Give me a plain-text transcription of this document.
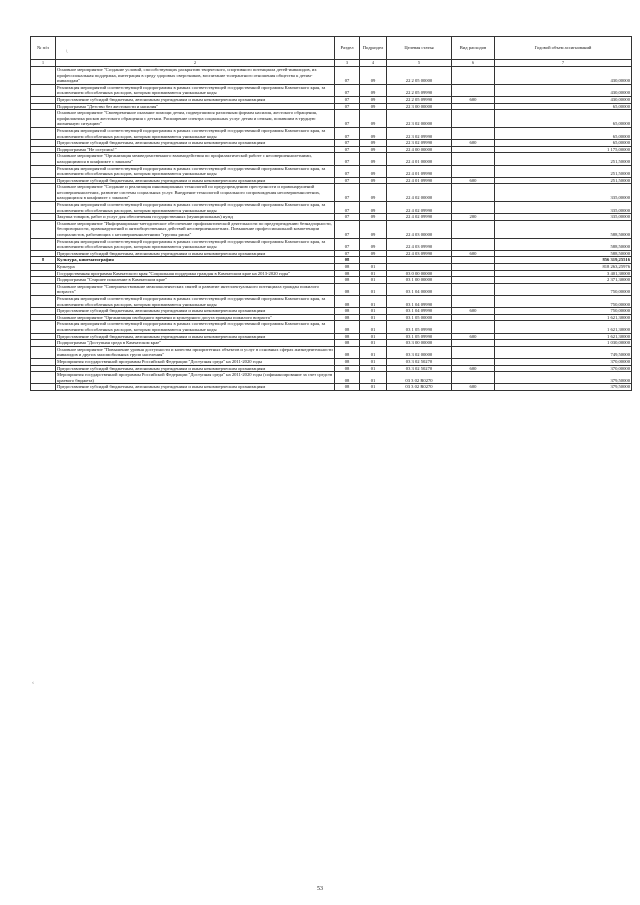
\
№ п/п		Раздел	Подраздел	Целевая статья	Вид расходов	Годовой объем ассигнований
1	2	3	4	5	6	7
	Основное мероприятие "Создание условий, способствующих раскрытию творческого, спортивного потенциала детей-инвалидов, их профессиональная поддержка, интеграция в среду здоровых сверстников, воспитание толерантного отношения общества к детям-инвалидам"	07	09	22 2 05 00000		430,00000
	Реализация мероприятий соответствующей подпрограммы в рамках соответствующей государственной программы Камчатского края, за исключением обособленных расходов, которым присваиваются уникальные коды	07	09	22 2 05 09990		430,00000
	Предоставление субсидий бюджетным, автономным учреждениям и иным некоммерческим организациям	07	09	22 2 05 09990	600	430,00000
	Подпрограмма "Детство без жестокости и насилия"	07	09	22 3 00 00000		65,00000
	Основное мероприятие "Своевременное оказание помощи детям, подвергшимся различным формам насилия, жестокого обращения, профилактика рисков жестокого обращения с детьми. Расширение спектра социальных услуг детям и семьям, попавшим в трудную жизненную ситуацию"	07	09	22 3 02 00000		65,00000
	Реализация мероприятий соответствующей подпрограммы в рамках соответствующей государственной программы Камчатского края, за исключением обособленных расходов, которым присваиваются уникальные коды	07	09	22 3 02 09990		65,00000
	Предоставление субсидий бюджетным, автономным учреждениям и иным некоммерческим организациям	07	09	22 3 02 09990	600	65,00000
	Подпрограмма "Не оступись!"	07	09	22 4 00 00000		1 175,00000
	Основное мероприятие "Организация межведомственного взаимодействия по профилактической работе с несовершеннолетними, находящимися в конфликте с законом"	07	09	22 4 01 00000		251,50000
	Реализация мероприятий соответствующей подпрограммы в рамках соответствующей государственной программы Камчатского края, за исключением обособленных расходов, которым присваиваются уникальные коды	07	09	22 4 01 09990		251,50000
	Предоставление субсидий бюджетным, автономным учреждениям и иным некоммерческим организациям	07	09	22 4 01 09990	600	251,50000
	Основное мероприятие "Создание и реализация инновационных технологий по предупреждению преступности и правонарушений несовершеннолетних, развитие системы социальных услуг. Внедрение технологий социального сопровождения несовершеннолетних, находящихся в конфликте с законом"	07	09	22 4 02 00000		335,00000
	Реализация мероприятий соответствующей подпрограммы в рамках соответствующей государственной программы Камчатского края, за исключением обособленных расходов, которым присваиваются уникальные коды	07	09	22 4 02 09990		335,00000
	Закупка товаров, работ и услуг для обеспечения государственных (муниципальных) нужд	07	09	22 4 02 09990	200	335,00000
	Основное мероприятие "Информационно-методическое обеспечение профилактической деятельности по предупреждению безнадзорности, беспризорности, правонарушений и антиобщественных действий несовершеннолетних. Повышение профессиональной компетенции специалистов, работающих с несовершеннолетними "группы риска"	07	09	22 4 03 00000		588,50000
	Реализация мероприятий соответствующей подпрограммы в рамках соответствующей государственной программы Камчатского края, за исключением обособленных расходов, которым присваиваются уникальные коды	07	09	22 4 03 09990		588,50000
	Предоставление субсидий бюджетным, автономным учреждениям и иным некоммерческим организациям	07	09	22 4 03 09990	600	588,50000
8	Культура, кинематография	08				856 319,25516
	Культура	08	01			818 263,25976
	Государственная программа Камчатского края "Социальная поддержка граждан в Камчатском крае на 2013-2020 годы"	08	01	03 0 00 00000		3 401,30000
	Подпрограмма "Старшее поколение в Камчатском крае"	08	01	03 1 00 00000		2 371,30000
	Основное мероприятие "Совершенствование межпоколенческих связей и развитие интеллектуального потенциала граждан пожилого возраста"	08	01	03 1 04 00000		750,00000
	Реализация мероприятий соответствующей подпрограммы в рамках соответствующей государственной программы Камчатского края, за исключением обособленных расходов, которым присваиваются уникальные коды	08	01	03 1 04 09990		750,00000
	Предоставление субсидий бюджетным, автономным учреждениям и иным некоммерческим организациям	08	01	03 1 04 09990	600	750,00000
	Основное мероприятие "Организация свободного времени и культурного досуга граждан пожилого возраста"	08	01	03 1 05 00000		1 621,30000
	Реализация мероприятий соответствующей подпрограммы в рамках соответствующей государственной программы Камчатского края, за исключением обособленных расходов, которым присваиваются уникальные коды	08	01	03 1 05 09990		1 621,30000
	Предоставление субсидий бюджетным, автономным учреждениям и иным некоммерческим организациям	08	01	03 1 05 09990	600	1 621,30000
	Подпрограмма "Доступная среда в Камчатском крае"	08	01	03 3 00 00000		1 030,00000
	Основное мероприятие "Повышение уровня доступности и качества приоритетных объектов и услуг в основных сферах жизнедеятельности инвалидов и других маломобильных групп населения"	08	01	03 3 02 00000		749,50000
	Мероприятия государственной программы Российской Федерации "Доступная среда" на 2011-2020 годы	08	01	03 3 02 50270		370,00000
	Предоставление субсидий бюджетным, автономным учреждениям и иным некоммерческим организациям	08	01	03 3 02 50270	600	370,00000
	Мероприятия государственной программы Российской Федерации "Доступная среда" на 2011-2020 годы (софинансирование за счет средств краевого бюджета)	08	01	03 3 02 R0270		379,50000
	Предоставление субсидий бюджетным, автономным учреждениям и иным некоммерческим организациям	08	01	03 3 02 R0270	600	379,50000
‹
53
